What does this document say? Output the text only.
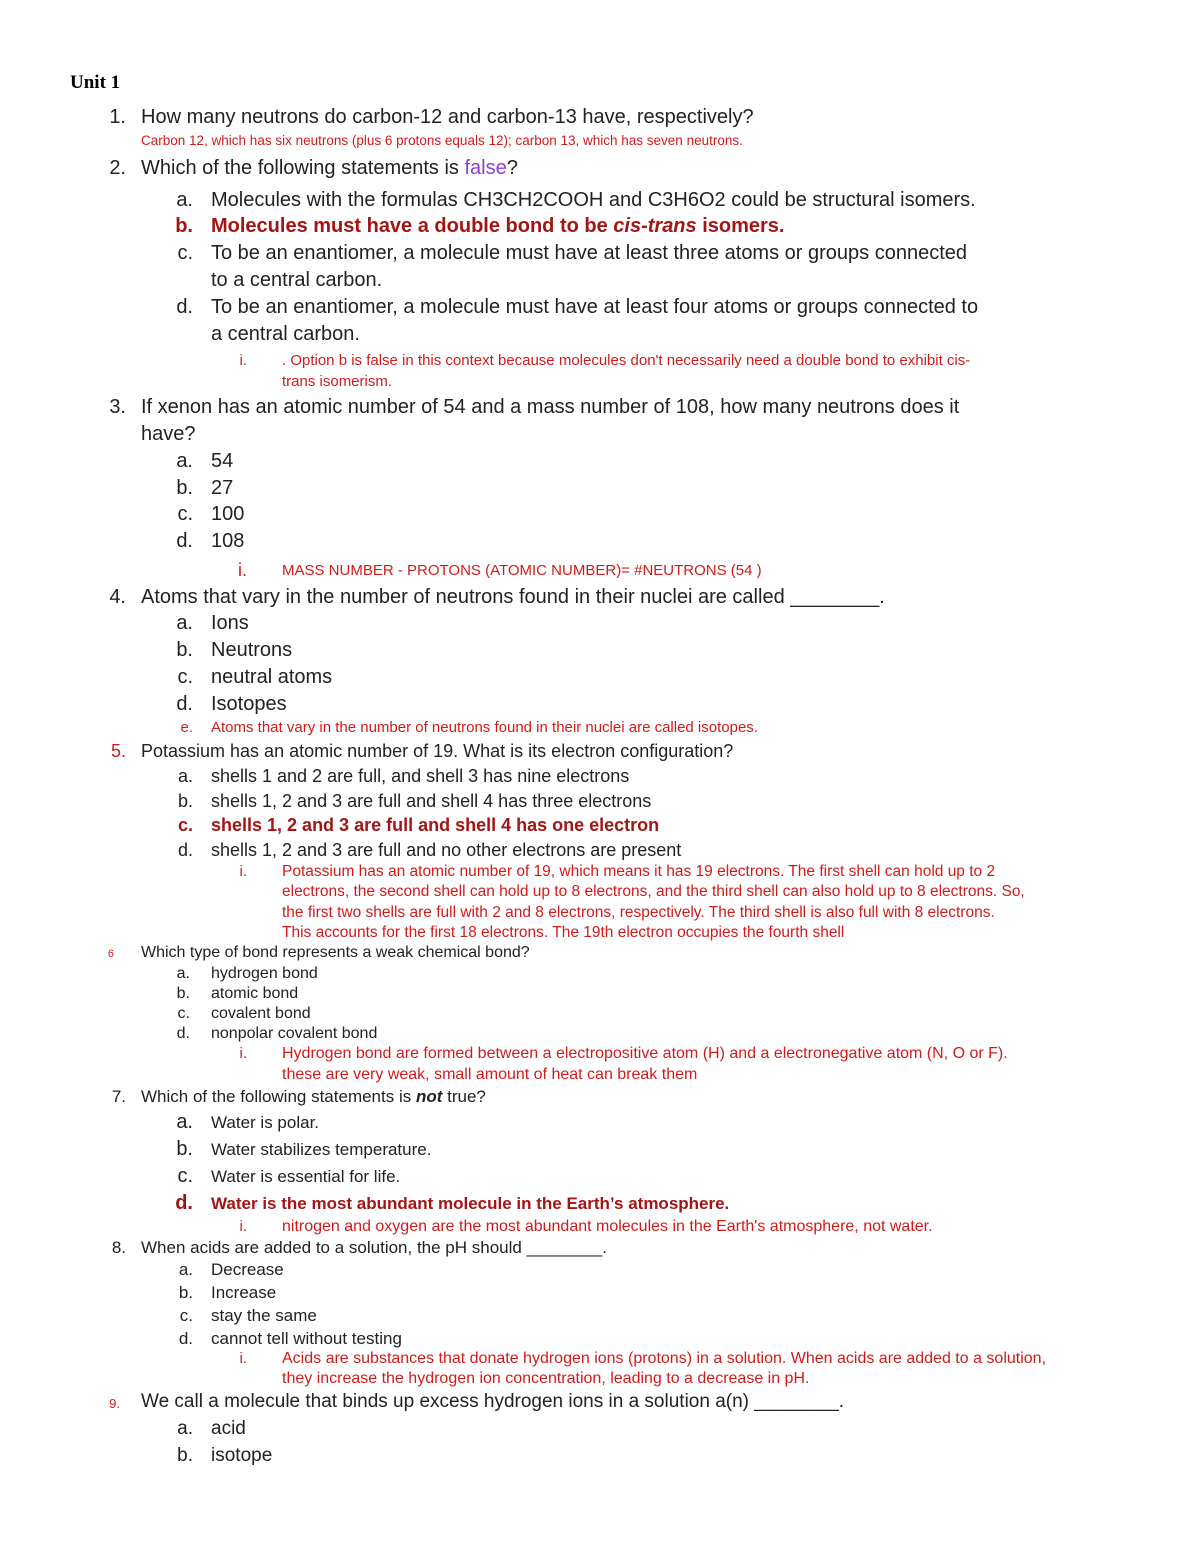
Unit 1
1. How many neutrons do carbon-12 and carbon-13 have, respectively?
Carbon 12, which has six neutrons (plus 6 protons equals 12); carbon 13, which has seven neutrons.
2. Which of the following statements is false?
a. Molecules with the formulas CH3CH2COOH and C3H6O2 could be structural isomers.
b. Molecules must have a double bond to be cis-trans isomers.
c. To be an enantiomer, a molecule must have at least three atoms or groups connected
to a central carbon.
d. To be an enantiomer, a molecule must have at least four atoms or groups connected to
a central carbon.
i. . Option b is false in this context because molecules don't necessarily need a double bond to exhibit cis-
trans isomerism.
3. If xenon has an atomic number of 54 and a mass number of 108, how many neutrons does it
have?
a. 54
b. 27
c. 100
d. 108
i. MASS NUMBER - PROTONS (ATOMIC NUMBER)= #NEUTRONS (54 )
4. Atoms that vary in the number of neutrons found in their nuclei are called ________.
a. Ions
b. Neutrons
c. neutral atoms
d. Isotopes
e. Atoms that vary in the number of neutrons found in their nuclei are called isotopes.
5. Potassium has an atomic number of 19. What is its electron configuration?
a. shells 1 and 2 are full, and shell 3 has nine electrons
b. shells 1, 2 and 3 are full and shell 4 has three electrons
c. shells 1, 2 and 3 are full and shell 4 has one electron
d. shells 1, 2 and 3 are full and no other electrons are present
i. Potassium has an atomic number of 19, which means it has 19 electrons. The first shell can hold up to 2
electrons, the second shell can hold up to 8 electrons, and the third shell can also hold up to 8 electrons. So,
the first two shells are full with 2 and 8 electrons, respectively. The third shell is also full with 8 electrons.
This accounts for the first 18 electrons. The 19th electron occupies the fourth shell
6 Which type of bond represents a weak chemical bond?
a. hydrogen bond
b. atomic bond
c. covalent bond
d. nonpolar covalent bond
i. Hydrogen bond are formed between a electropositive atom (H) and a electronegative atom (N, O or F).
these are very weak, small amount of heat can break them
7. Which of the following statements is not true?
a. Water is polar.
b. Water stabilizes temperature.
c. Water is essential for life.
d. Water is the most abundant molecule in the Earth’s atmosphere.
i. nitrogen and oxygen are the most abundant molecules in the Earth's atmosphere, not water.
8. When acids are added to a solution, the pH should ________.
a. Decrease
b. Increase
c. stay the same
d. cannot tell without testing
i. Acids are substances that donate hydrogen ions (protons) in a solution. When acids are added to a solution,
they increase the hydrogen ion concentration, leading to a decrease in pH.
9. We call a molecule that binds up excess hydrogen ions in a solution a(n) ________.
a. acid
b. isotope
